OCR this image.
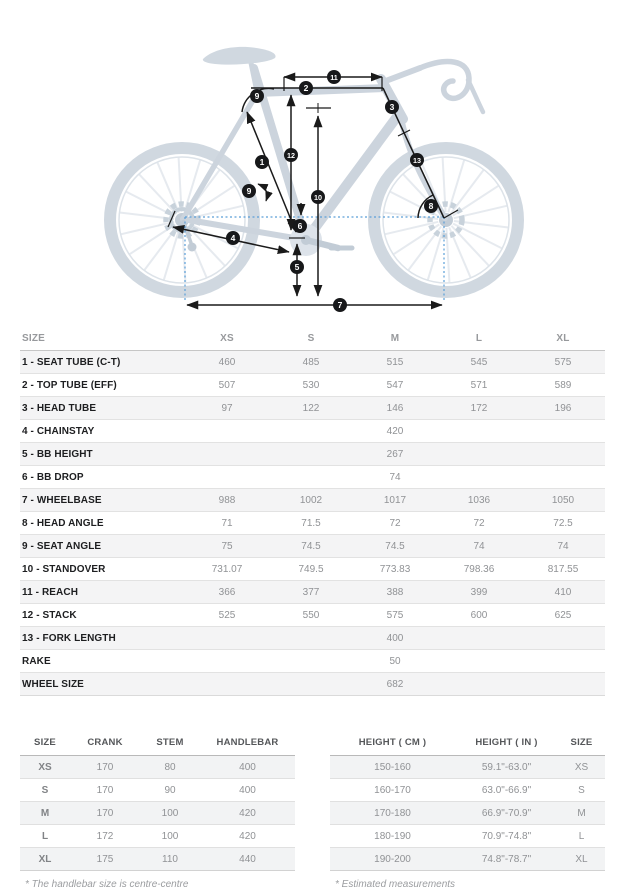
1
2
3
4
5
6
7
8
9
9
10
11
12
13
SIZE	XS	S	M	L	XL
1 - SEAT TUBE (C-T)	460	485	515	545	575
2 - TOP TUBE (EFF)	507	530	547	571	589
3 - HEAD TUBE	97	122	146	172	196
4 - CHAINSTAY	420				
5 - BB HEIGHT	267				
6 - BB DROP	74				
7 - WHEELBASE	988	1002	1017	1036	1050
8 - HEAD ANGLE	71	71.5	72	72	72.5
9 - SEAT ANGLE	75	74.5	74.5	74	74
10 - STANDOVER	731.07	749.5	773.83	798.36	817.55
11 - REACH	366	377	388	399	410
12 - STACK	525	550	575	600	625
13 - FORK LENGTH	400				
RAKE	50				
WHEEL SIZE	682				
SIZE	CRANK	STEM	HANDLEBAR
XS	170	80	400
S	170	90	400
M	170	100	420
L	172	100	420
XL	175	110	440
* The handlebar size is centre-centre
HEIGHT ( CM )	HEIGHT ( IN )	SIZE
150-160	59.1"-63.0"	XS
160-170	63.0"-66.9"	S
170-180	66.9"-70.9"	M
180-190	70.9"-74.8"	L
190-200	74.8"-78.7"	XL
* Estimated measurements
